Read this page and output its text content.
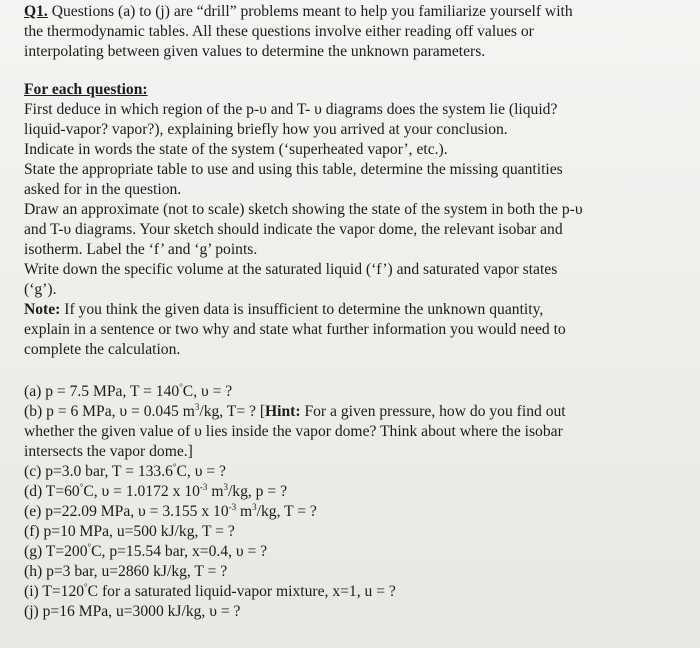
Q1. Questions (a) to (j) are “drill” problems meant to help you familiarize yourself with
the thermodynamic tables. All these questions involve either reading off values or
interpolating between given values to determine the unknown parameters.
For each question:
First deduce in which region of the p-υ and T- υ diagrams does the system lie (liquid?
liquid-vapor? vapor?), explaining briefly how you arrived at your conclusion.
Indicate in words the state of the system (‘superheated vapor’, etc.).
State the appropriate table to use and using this table, determine the missing quantities
asked for in the question.
Draw an approximate (not to scale) sketch showing the state of the system in both the p-υ
and T-υ diagrams. Your sketch should indicate the vapor dome, the relevant isobar and
isotherm. Label the ‘f’ and ‘g’ points.
Write down the specific volume at the saturated liquid (‘f’) and saturated vapor states
(‘g’).
Note: If you think the given data is insufficient to determine the unknown quantity,
explain in a sentence or two why and state what further information you would need to
complete the calculation.
(a) p = 7.5 MPa, T = 140°C, υ = ?
(b) p = 6 MPa, υ = 0.045 $m^3/kg$, T= ? [Hint: For a given pressure, how do you find out
whether the given value of υ lies inside the vapor dome? Think about where the isobar
intersects the vapor dome.]
(c) p=3.0 bar, T = 133.6°C, υ = ?
(d) T=60°C, υ = 1.0172 x $10^{-3}$ $m^3/kg$, p = ?
(e) p=22.09 MPa, υ = 3.155 x $10^{-3}$ $m^3/kg$, T = ?
(f) p=10 MPa, u=500 kJ/kg, T = ?
(g) T=200°C, p=15.54 bar, x=0.4, υ = ?
(h) p=3 bar, u=2860 kJ/kg, T = ?
(i) T=120°C for a saturated liquid-vapor mixture, x=1, u = ?
(j) p=16 MPa, u=3000 kJ/kg, υ = ?
